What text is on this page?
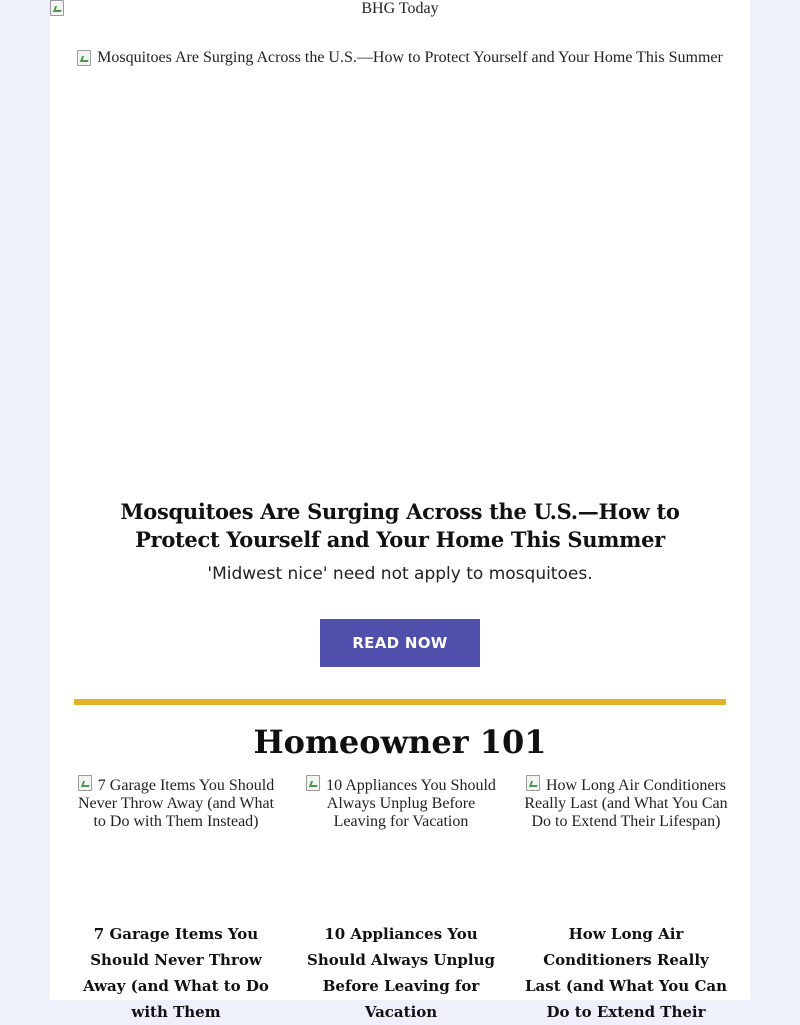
BHG Today
Mosquitoes Are Surging Across the U.S.—How to Protect Yourself and Your Home This Summer
Mosquitoes Are Surging Across the U.S.—How to Protect Yourself and Your Home This Summer

'Midwest nice' need not apply to mosquitoes.

READ NOW
Homeowner 101
7 Garage Items You Should Never Throw Away (and What to Do with Them Instead)
7 Garage Items You Should Never Throw Away (and What to Do with Them
10 Appliances You Should Always Unplug Before Leaving for Vacation
10 Appliances You Should Always Unplug Before Leaving for Vacation
How Long Air Conditioners Really Last (and What You Can Do to Extend Their Lifespan)
How Long Air Conditioners Really Last (and What You Can Do to Extend Their
